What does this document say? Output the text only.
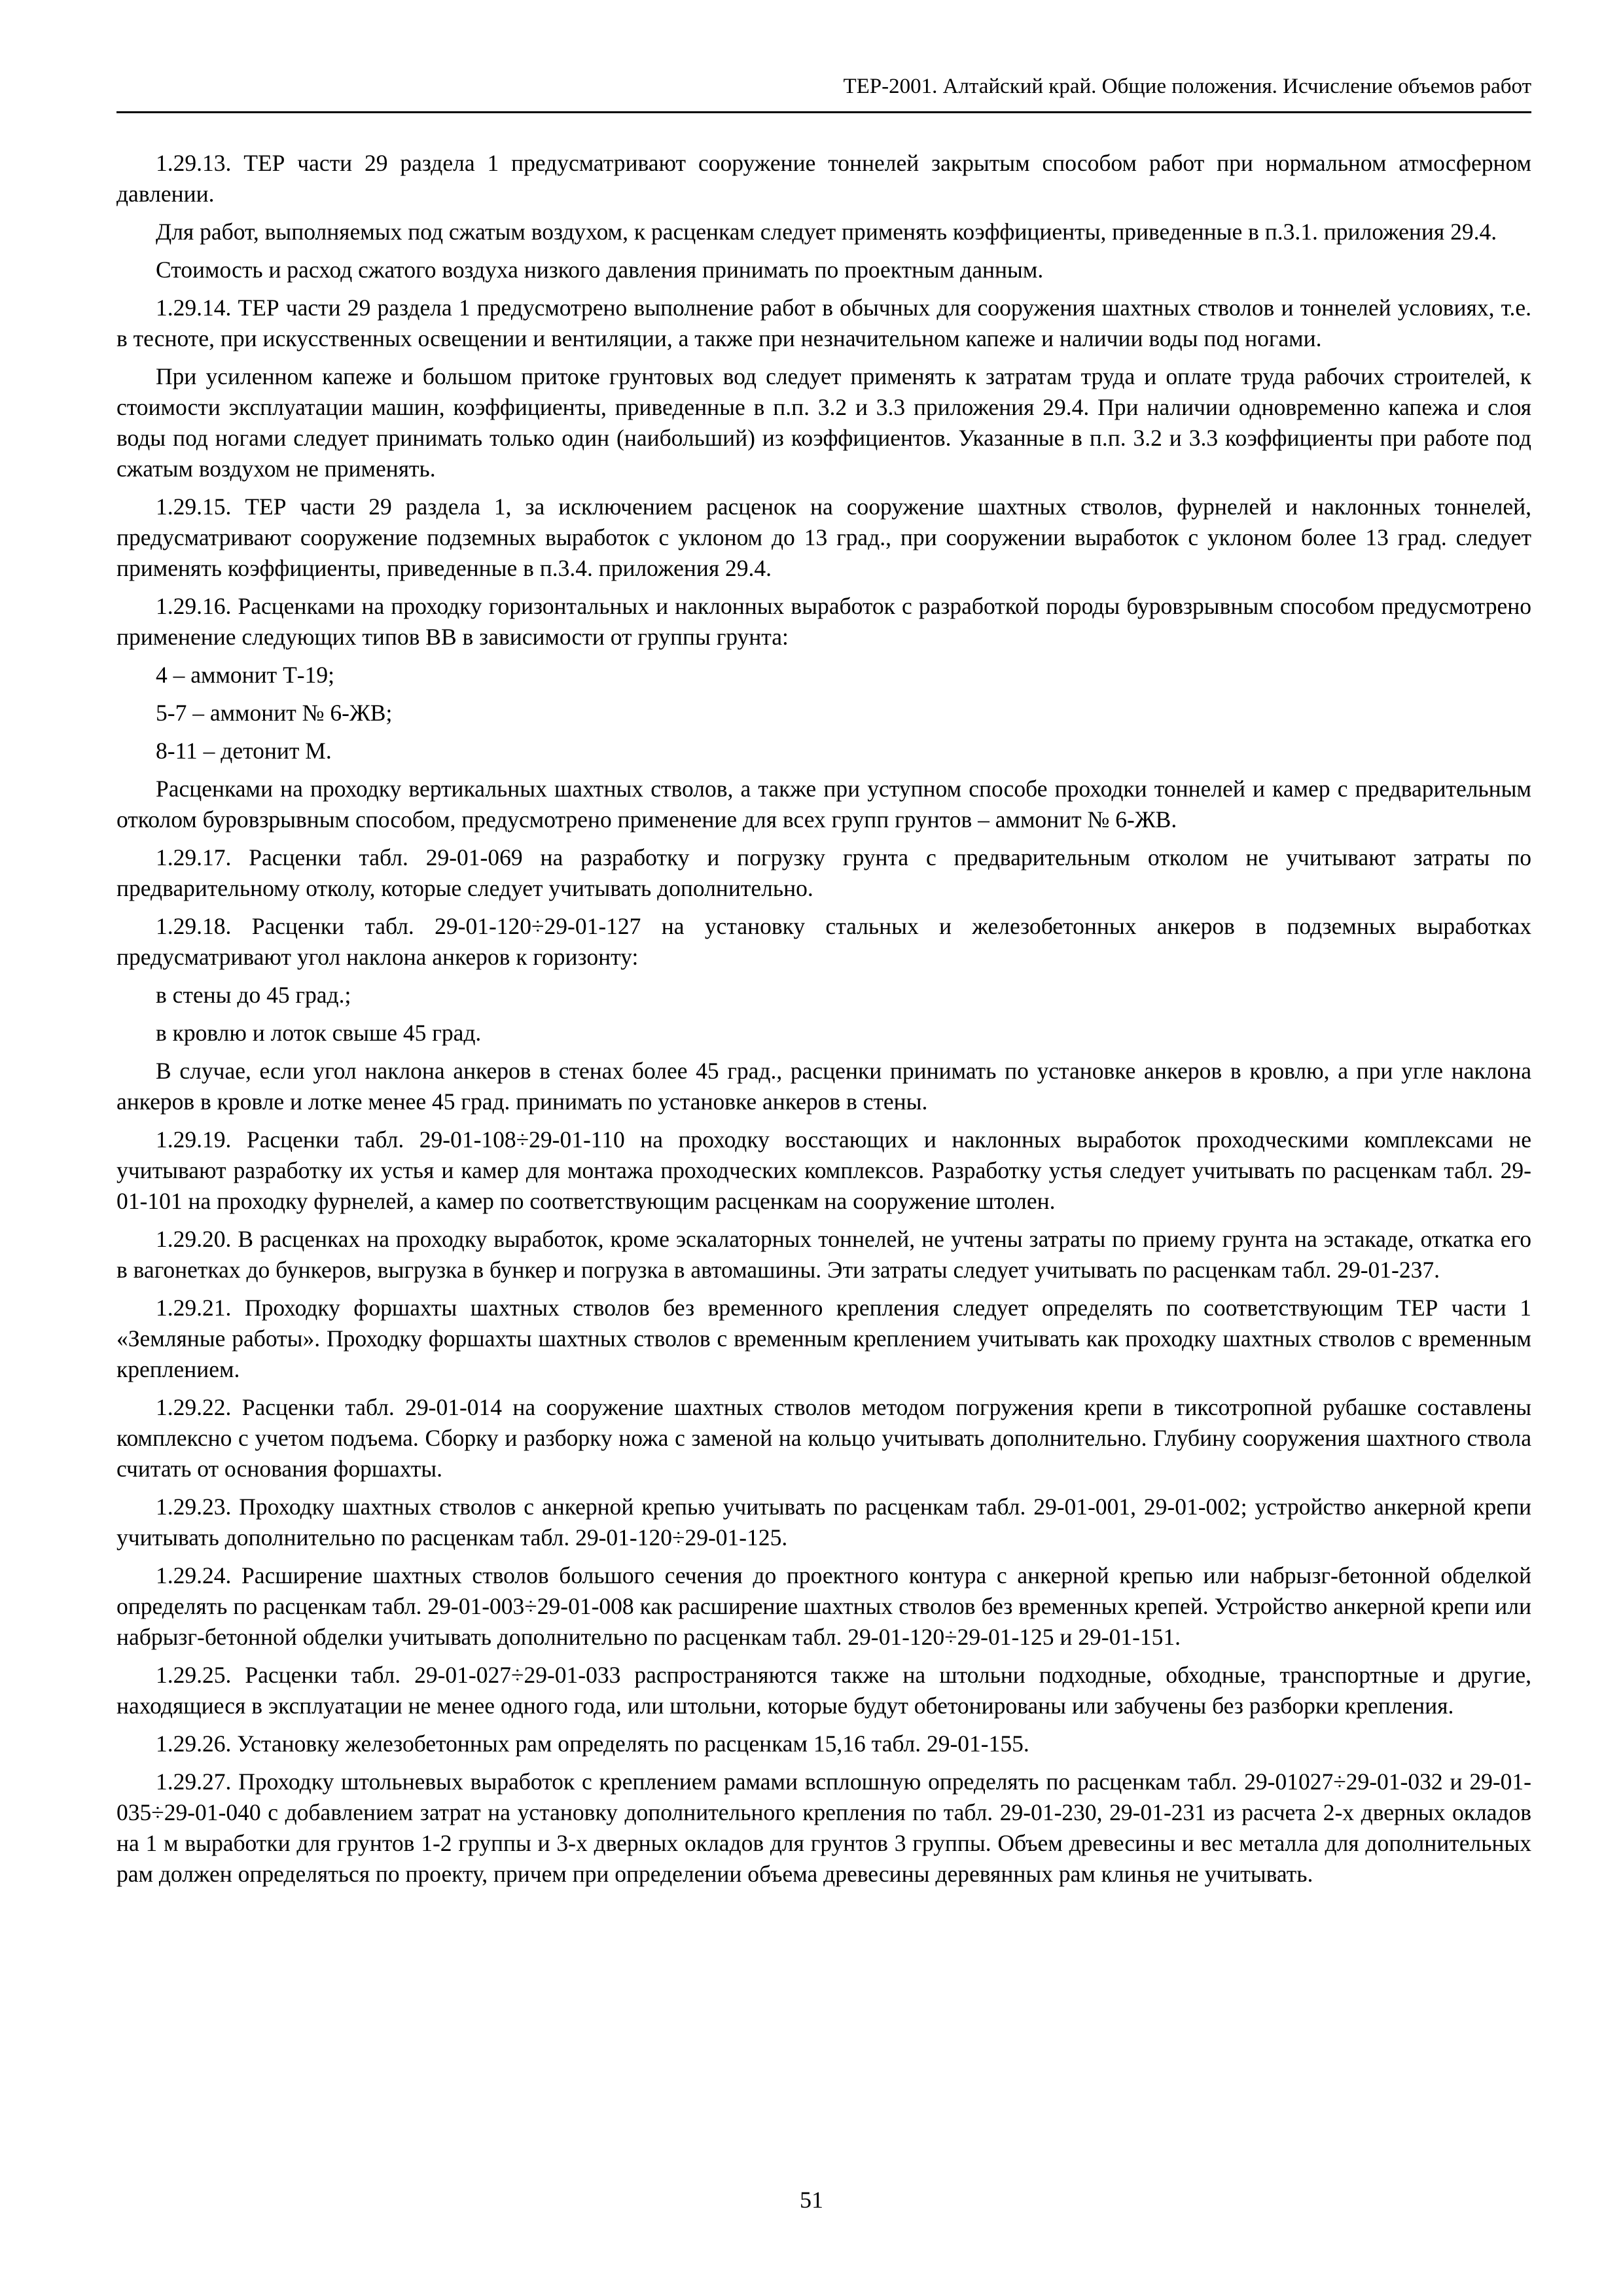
ТЕР-2001. Алтайский край. Общие положения. Исчисление объемов работ

1.29.13. ТЕР части 29 раздела 1 предусматривают сооружение тоннелей закрытым способом работ при нормальном атмосферном давлении.

Для работ, выполняемых под сжатым воздухом, к расценкам следует применять коэффициенты, приведенные в п.3.1. приложения 29.4.

Стоимость и расход сжатого воздуха низкого давления принимать по проектным данным.

1.29.14. ТЕР части 29 раздела 1 предусмотрено выполнение работ в обычных для сооружения шахтных стволов и тоннелей условиях, т.е. в тесноте, при искусственных освещении и вентиляции, а также при незначительном капеже и наличии воды под ногами.

При усиленном капеже и большом притоке грунтовых вод следует применять к затратам труда и оплате труда рабочих строителей, к стоимости эксплуатации машин, коэффициенты, приведенные в п.п. 3.2 и 3.3 приложения 29.4. При наличии одновременно капежа и слоя воды под ногами следует принимать только один (наибольший) из коэффициентов. Указанные в п.п. 3.2 и 3.3 коэффициенты при работе под сжатым воздухом не применять.

1.29.15. ТЕР части 29 раздела 1, за исключением расценок на сооружение шахтных стволов, фурнелей и наклонных тоннелей, предусматривают сооружение подземных выработок с уклоном до 13 град., при сооружении выработок с уклоном более 13 град. следует применять коэффициенты, приведенные в п.3.4. приложения 29.4.

1.29.16. Расценками на проходку горизонтальных и наклонных выработок с разработкой породы буровзрывным способом предусмотрено применение следующих типов ВВ в зависимости от группы грунта:

4 – аммонит Т-19;

5-7 – аммонит № 6-ЖВ;

8-11 – детонит М.

Расценками на проходку вертикальных шахтных стволов, а также при уступном способе проходки тоннелей и камер с предварительным отколом буровзрывным способом, предусмотрено применение для всех групп грунтов – аммонит № 6-ЖВ.

1.29.17. Расценки табл. 29-01-069 на разработку и погрузку грунта с предварительным отколом не учитывают затраты по предварительному отколу, которые следует учитывать дополнительно.

1.29.18. Расценки табл. 29-01-120÷29-01-127 на установку стальных и железобетонных анкеров в подземных выработках предусматривают угол наклона анкеров к горизонту:

в стены до 45 град.;

в кровлю и лоток свыше 45 град.

В случае, если угол наклона анкеров в стенах более 45 град., расценки принимать по установке анкеров в кровлю, а при угле наклона анкеров в кровле и лотке менее 45 град. принимать по установке анкеров в стены.

1.29.19. Расценки табл. 29-01-108÷29-01-110 на проходку восстающих и наклонных выработок проходческими комплексами не учитывают разработку их устья и камер для монтажа проходческих комплексов. Разработку устья следует учитывать по расценкам табл. 29-01-101 на проходку фурнелей, а камер по соответствующим расценкам на сооружение штолен.

1.29.20. В расценках на проходку выработок, кроме эскалаторных тоннелей, не учтены затраты по приему грунта на эстакаде, откатка его в вагонетках до бункеров, выгрузка в бункер и погрузка в автомашины. Эти затраты следует учитывать по расценкам табл. 29-01-237.

1.29.21. Проходку форшахты шахтных стволов без временного крепления следует определять по соответствующим ТЕР части 1 «Земляные работы». Проходку форшахты шахтных стволов с временным креплением учитывать как проходку шахтных стволов с временным креплением.

1.29.22. Расценки табл. 29-01-014 на сооружение шахтных стволов методом погружения крепи в тиксотропной рубашке составлены комплексно с учетом подъема. Сборку и разборку ножа с заменой на кольцо учитывать дополнительно. Глубину сооружения шахтного ствола считать от основания форшахты.

1.29.23. Проходку шахтных стволов с анкерной крепью учитывать по расценкам табл. 29-01-001, 29-01-002; устройство анкерной крепи учитывать дополнительно по расценкам табл. 29-01-120÷29-01-125.

1.29.24. Расширение шахтных стволов большого сечения до проектного контура с анкерной крепью или набрызг-бетонной обделкой определять по расценкам табл. 29-01-003÷29-01-008 как расширение шахтных стволов без временных крепей. Устройство анкерной крепи или набрызг-бетонной обделки учитывать дополнительно по расценкам табл. 29-01-120÷29-01-125 и 29-01-151.

1.29.25. Расценки табл. 29-01-027÷29-01-033 распространяются также на штольни подходные, обходные, транспортные и другие, находящиеся в эксплуатации не менее одного года, или штольни, которые будут обетонированы или забучены без разборки крепления.

1.29.26. Установку железобетонных рам определять по расценкам 15,16 табл. 29-01-155.

1.29.27. Проходку штольневых выработок с креплением рамами всплошную определять по расценкам табл. 29-01027÷29-01-032 и 29-01-035÷29-01-040 с добавлением затрат на установку дополнительного крепления по табл. 29-01-230, 29-01-231 из расчета 2-х дверных окладов на 1 м выработки для грунтов 1-2 группы и 3-х дверных окладов для грунтов 3 группы. Объем древесины и вес металла для дополнительных рам должен определяться по проекту, причем при определении объема древесины деревянных рам клинья не учитывать.

51
